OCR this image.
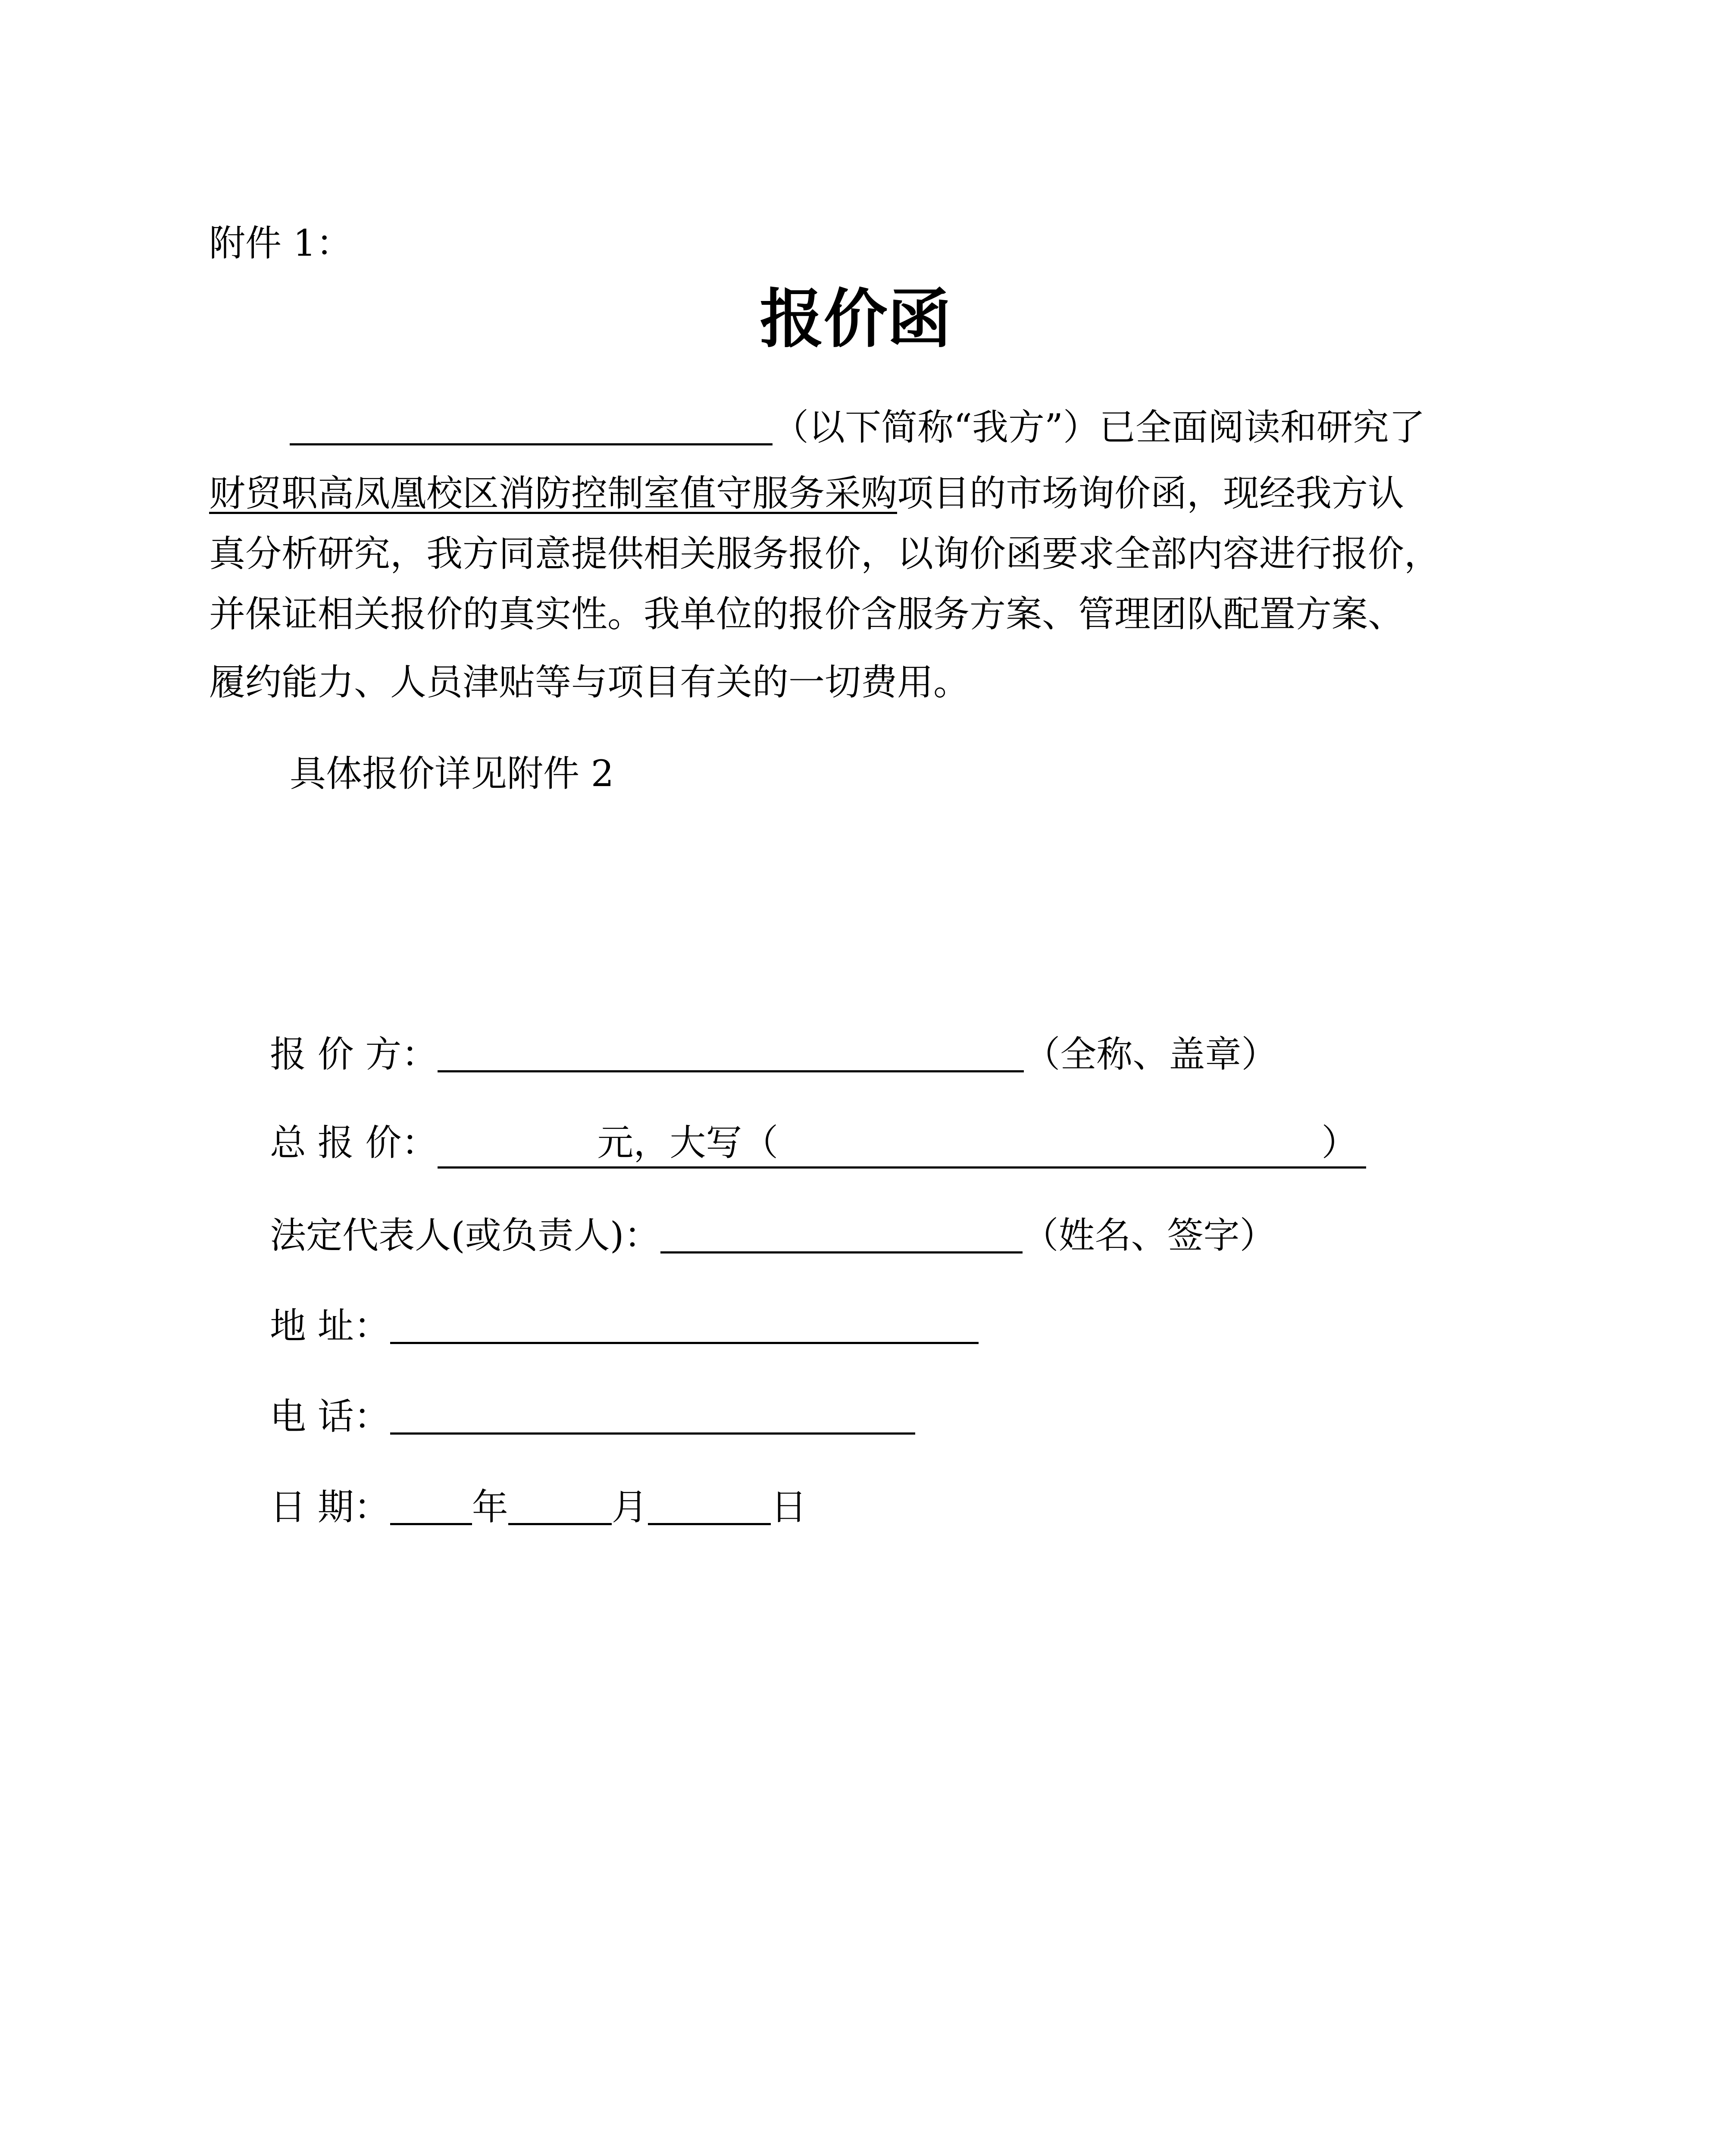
附件 1：
报价函
（以下简称“我方”）已全面阅读和研究了
财贸职高凤凰校区消防控制室值守服务采购项目的市场询价函，现经我方认
真分析研究，我方同意提供相关服务报价，以询价函要求全部内容进行报价，
并保证相关报价的真实性。我单位的报价含服务方案、管理团队配置方案、
履约能力、人员津贴等与项目有关的一切费用。
具体报价详见附件 2
报 价 方：	（全称、盖章）
总 报 价：	元，大写（	）
法定代表人(或负责人)：	（姓名、签字）
地 址：
电 话：
日 期： 年	月	日
